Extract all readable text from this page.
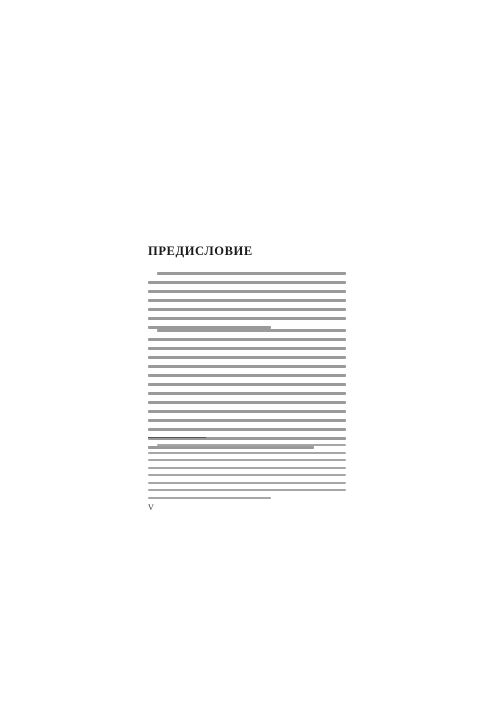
ПРЕДИСЛОВИЕ
V
